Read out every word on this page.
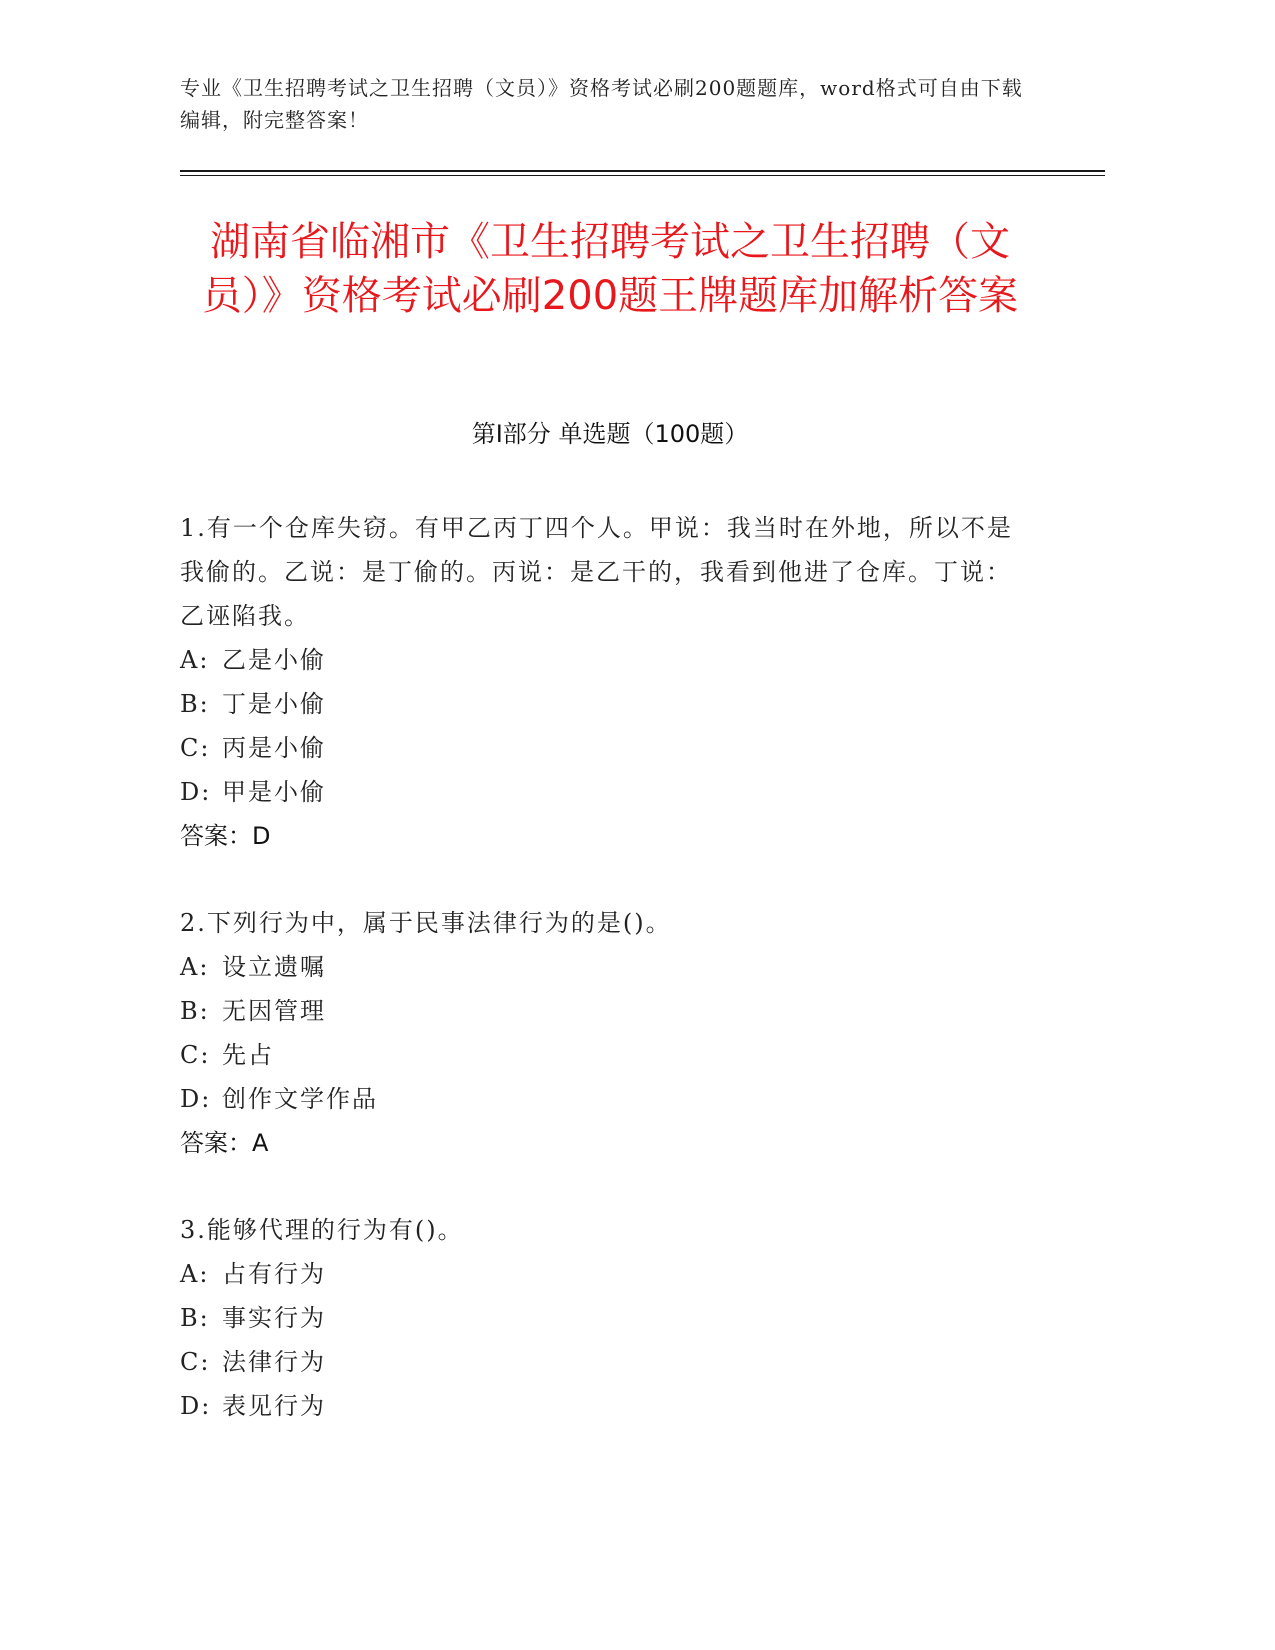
专业《卫生招聘考试之卫生招聘（文员）》资格考试必刷200题题库，word格式可自由下载编辑，附完整答案！
湖南省临湘市《卫生招聘考试之卫生招聘（文员）》资格考试必刷200题王牌题库加解析答案
第I部分 单选题（100题）

1.有一个仓库失窃。有甲乙丙丁四个人。甲说：我当时在外地，所以不是我偷的。乙说：是丁偷的。丙说：是乙干的，我看到他进了仓库。丁说：乙诬陷我。

A: 乙是小偷

B: 丁是小偷

C: 丙是小偷

D: 甲是小偷

答案：D

2.下列行为中，属于民事法律行为的是()。

A: 设立遗嘱

B: 无因管理

C: 先占

D: 创作文学作品

答案：A

3.能够代理的行为有()。

A: 占有行为

B: 事实行为

C: 法律行为

D: 表见行为
